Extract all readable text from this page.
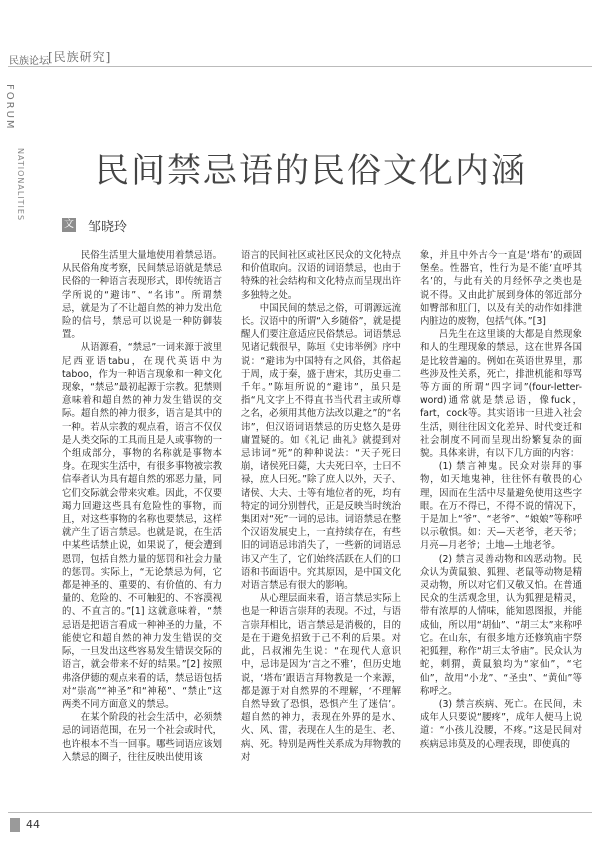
民族论坛 [民族研究]
FORUM
NATIONALITIES 民间禁忌语的民俗文化内涵
文 邹晓玲

民俗生活里大量地使用着禁忌语。从民俗角度考察，民间禁忌语就是禁忌民俗的一种语言表现形式，即传统语言学所说的“避讳”、“名讳”。所谓禁忌，就是为了不让超自然的神力发出危险的信号，禁忌可以说是一种防御装置。

从语源看，“禁忌”一词来源于波里尼西亚语tabu，在现代英语中为taboo，作为一种语言现象和一种文化现象，“禁忌”最初起源于宗教。犯禁则意味着和超自然的神力发生错误的交际。超自然的神力很多，语言是其中的一种。若从宗教的观点看，语言不仅仅是人类交际的工具而且是人或事物的一个组成部分，事物的名称就是事物本身。在现实生活中，有很多事物被宗教信奉者认为具有超自然的邪恶力量，同它们交际就会带来灾难。因此，不仅要竭力回避这些具有危险性的事物，而且，对这些事物的名称也要禁忌，这样就产生了语言禁忌。也就是说，在生活中某些话禁止说，如果说了，便会遭到恩罚，包括自然力量的惩罚和社会力量的惩罚。实际上，“无论禁忌为何，它都是神圣的、重要的、有价值的、有力量的、危险的、不可触犯的、不容漠视的、不直言的。”[1] 这就意味着，“禁忌语是把语言看成一种神圣的力量，不能使它和超自然的神力发生错误的交际，一旦发出这些容易发生错误交际的语言，就会带来不好的结果。”[2] 按照弗洛伊德的观点来看的话，禁忌语包括对“崇高”“神圣”和“神秘”、“禁止”这两类不同方面意义的禁忌。

在某个阶段的社会生活中，必须禁忌的词语范围，在另一个社会或时代，也许根本不当一回事。哪些词语应该划入禁忌的圈子，往往反映出使用该

语言的民间社区或社区民众的文化特点和价值取向。汉语的词语禁忌，也由于特殊的社会结构和文化特点而呈现出许多独特之处。

中国民间的禁忌之俗，可谓源远流长。汉语中的所谓“入乡随俗”，就是提醒人们要注意适应民俗禁忌。词语禁忌见诸记载很早，陈垣《史讳举例》序中说：“避讳为中国特有之风俗，其俗起于周，成于秦，盛于唐宋，其历史垂二千年。”陈垣所说的“避讳”，虽只是指“凡文字上不得直书当代君主或所尊之名，必须用其他方法改以避之”的“名讳”，但汉语词语禁忌的历史悠久是毋庸置疑的。如《礼记 曲礼》就提到对忌讳词“死”的种种说法：“天子死曰崩，诸侯死曰薨，大夫死曰卒，士曰不禄，庶人曰死。”除了庶人以外，天子、诸侯、大夫、士等有地位者的死，均有特定的词分别替代，正是反映当时统治集团对“死”一词的忌讳。词语禁忌在整个汉语发展史上，一直持续存在，有些旧的词语忌讳消失了，一些新的词语忌讳又产生了，它们始终活跃在人们的口语和书面语中。究其原因，是中国文化对语言禁忌有很大的影响。

从心理层面来看，语言禁忌实际上也是一种语言崇拜的表现。不过，与语言崇拜相比，语言禁忌是消极的，目的是在于避免招致于己不利的后果。对此，吕叔湘先生说：“在现代人意识中，忌讳是因为‘言之不雅’，但历史地说，‘塔布’跟语言拜物教是一个来源，都是源于对自然界的不理解，‘不理解自然导致了恐惧，恐惧产生了迷信’。超自然的神力，表现在外界的是水、火、风、雷，表现在人生的是生、老、病、死。特别是两性关系成为拜物教的对

象，并且中外古今一直是‘塔布’的顽固堡垒。性器官，性行为是不能‘直呼其名’的，与此有关的月经怀孕之类也是说不得。又由此扩展到身体的邻近部分如臀部和肛门，以及有关的动作如排泄内脏边的废物，包括气体。”[3]

吕先生在这里谈的大都是自然现象和人的生理现象的禁忌，这在世界各国是比较普遍的。例如在英语世界里，那些涉及性关系，死亡，排泄机能和辱骂等方面的所谓“四字词”(four-letter-word)通常就是禁忌语，像fuck，fart，cock等。其实语讳一旦进入社会生活，则往往因文化差异、时代变迁和社会制度不同而呈现出纷繁复杂的面貌。具体来讲，有以下几方面的内容：

(1) 禁言神鬼。民众对崇拜的事物，如天地鬼神，往往怀有敬畏的心理，因而在生活中尽量避免使用这些字眼。在万不得已，不得不说的情况下，于是加上“爷”、“老爷”、“娘娘”等称呼以示敬惧。如：天—天老爷，老天爷；月亮—月老爷；土地—土地老爷。

(2) 禁言灵善动物和凶恶动物。民众认为黄鼠狼、狐狸、老鼠等动物是精灵动物，所以对它们又敬又怕。在普通民众的生活观念里，认为狐狸是精灵，带有浓厚的人情味，能知恩图报，并能成仙，所以用“胡仙”、“胡三太”来称呼它。在山东，有很多地方还修筑庙宇祭祀狐狸，称作“胡三太爷庙”。民众认为蛇，刺猬，黄鼠狼均为“家仙”，“宅仙”，故用“小龙”、“圣虫”、“黄仙”等称呼之。

(3) 禁言疾病、死亡。在民间，未成年人只要说“腰疼”，成年人便马上说道：“小孩儿没腰，不疼。”这是民间对疾病忌讳莫及的心理表现，即使真的

44
